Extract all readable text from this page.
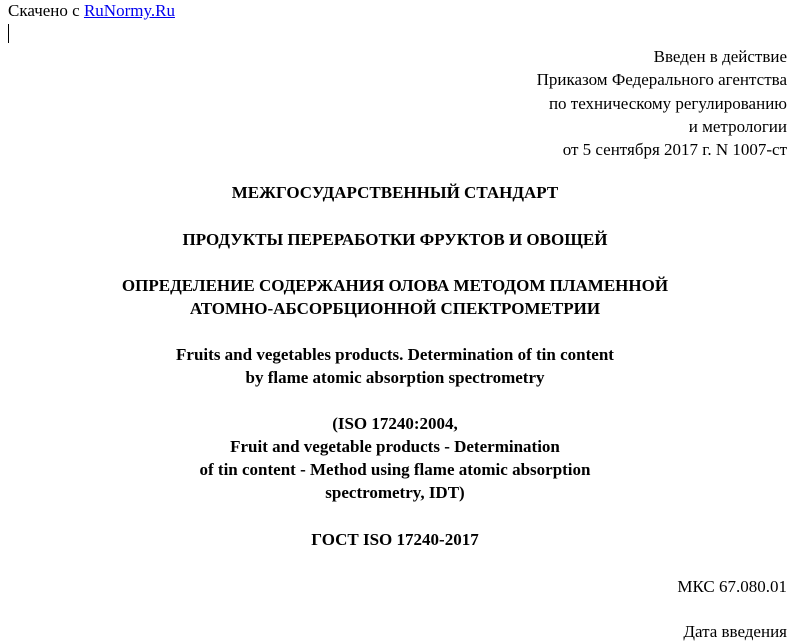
Скачено с RuNormy.Ru
Введен в действие
Приказом Федерального агентства
по техническому регулированию
и метрологии
от 5 сентября 2017 г. N 1007-ст
МЕЖГОСУДАРСТВЕННЫЙ СТАНДАРТ
ПРОДУКТЫ ПЕРЕРАБОТКИ ФРУКТОВ И ОВОЩЕЙ
ОПРЕДЕЛЕНИЕ СОДЕРЖАНИЯ ОЛОВА МЕТОДОМ ПЛАМЕННОЙ
АТОМНО-АБСОРБЦИОННОЙ СПЕКТРОМЕТРИИ
Fruits and vegetables products. Determination of tin content
by flame atomic absorption spectrometry
(ISO 17240:2004,
Fruit and vegetable products - Determination
of tin content - Method using flame atomic absorption
spectrometry, IDT)
ГОСТ ISO 17240-2017
МКС 67.080.01
Дата введения
